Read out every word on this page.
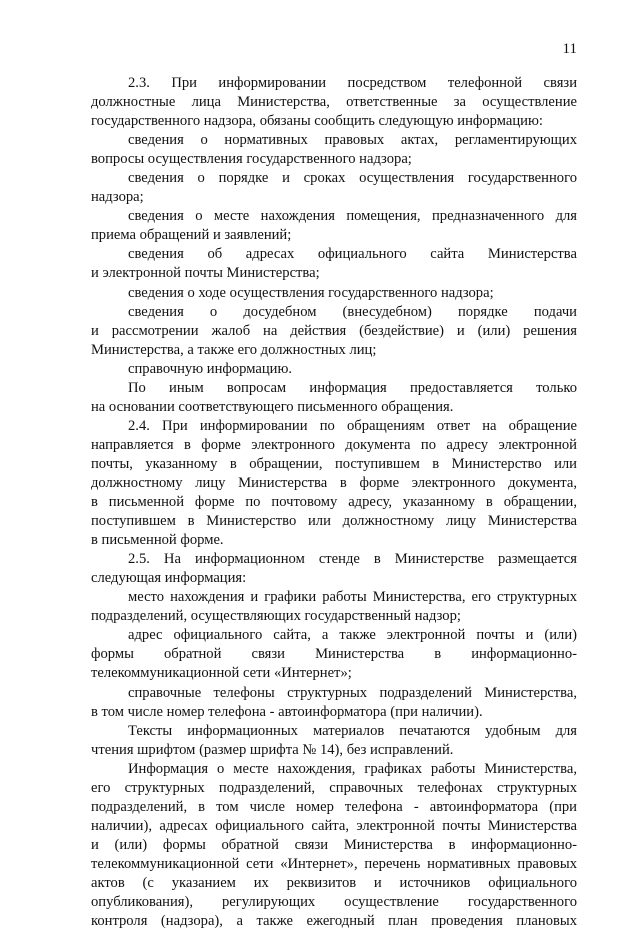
11
2.3. При информировании посредством телефонной связи
должностные лица Министерства, ответственные за осуществление
государственного надзора, обязаны сообщить следующую информацию:
сведения о нормативных правовых актах, регламентирующих
вопросы осуществления государственного надзора;
сведения о порядке и сроках осуществления государственного
надзора;
сведения о месте нахождения помещения, предназначенного для
приема обращений и заявлений;
сведения об адресах официального сайта Министерства
и электронной почты Министерства;
сведения о ходе осуществления государственного надзора;
сведения о досудебном (внесудебном) порядке подачи
и рассмотрении жалоб на действия (бездействие) и (или) решения
Министерства, а также его должностных лиц;
справочную информацию.
По иным вопросам информация предоставляется только
на основании соответствующего письменного обращения.
2.4. При информировании по обращениям ответ на обращение
направляется в форме электронного документа по адресу электронной
почты, указанному в обращении, поступившем в Министерство или
должностному лицу Министерства в форме электронного документа,
в письменной форме по почтовому адресу, указанному в обращении,
поступившем в Министерство или должностному лицу Министерства
в письменной форме.
2.5. На информационном стенде в Министерстве размещается
следующая информация:
место нахождения и графики работы Министерства, его структурных
подразделений, осуществляющих государственный надзор;
адрес официального сайта, а также электронной почты и (или)
формы обратной связи Министерства в информационно-
телекоммуникационной сети «Интернет»;
справочные телефоны структурных подразделений Министерства,
в том числе номер телефона - автоинформатора (при наличии).
Тексты информационных материалов печатаются удобным для
чтения шрифтом (размер шрифта № 14), без исправлений.
Информация о месте нахождения, графиках работы Министерства,
его структурных подразделений, справочных телефонах структурных
подразделений, в том числе номер телефона - автоинформатора (при
наличии), адресах официального сайта, электронной почты Министерства
и (или) формы обратной связи Министерства в информационно-
телекоммуникационной сети «Интернет», перечень нормативных правовых
актов (с указанием их реквизитов и источников официального
опубликования), регулирующих осуществление государственного
контроля (надзора), а также ежегодный план проведения плановых
